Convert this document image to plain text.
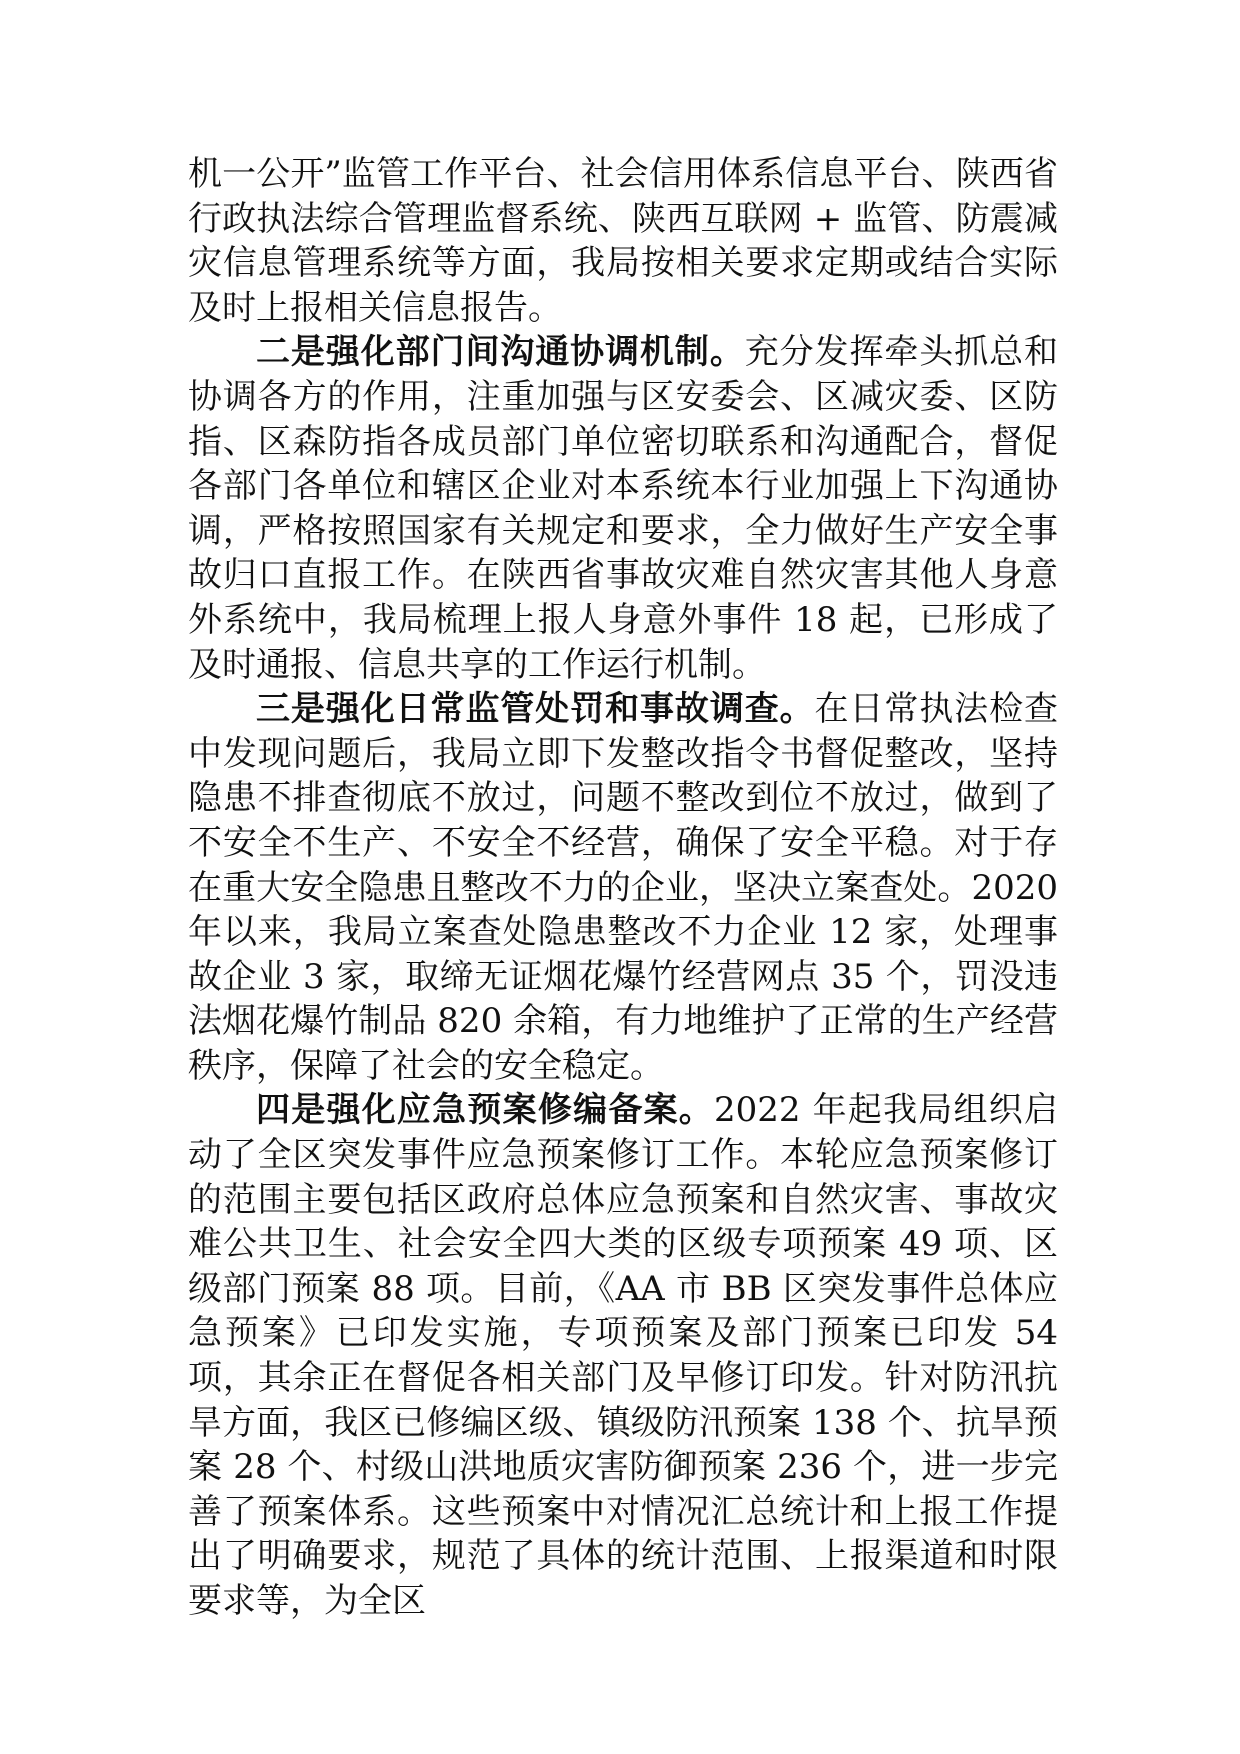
机一公开”监管工作平台、社会信用体系信息平台、陕西省行政执法综合管理监督系统、陕西互联网 + 监管、防震减灾信息管理系统等方面，我局按相关要求定期或结合实际及时上报相关信息报告。

二是强化部门间沟通协调机制。充分发挥牵头抓总和协调各方的作用，注重加强与区安委会、区减灾委、区防指、区森防指各成员部门单位密切联系和沟通配合，督促各部门各单位和辖区企业对本系统本行业加强上下沟通协调，严格按照国家有关规定和要求，全力做好生产安全事故归口直报工作。在陕西省事故灾难自然灾害其他人身意外系统中，我局梳理上报人身意外事件 18 起，已形成了及时通报、信息共享的工作运行机制。

三是强化日常监管处罚和事故调查。在日常执法检查中发现问题后，我局立即下发整改指令书督促整改，坚持隐患不排查彻底不放过，问题不整改到位不放过，做到了不安全不生产、不安全不经营，确保了安全平稳。对于存在重大安全隐患且整改不力的企业，坚决立案查处。2020 年以来，我局立案查处隐患整改不力企业 12 家，处理事故企业 3 家，取缔无证烟花爆竹经营网点 35 个，罚没违法烟花爆竹制品 820 余箱，有力地维护了正常的生产经营秩序，保障了社会的安全稳定。

四是强化应急预案修编备案。2022 年起我局组织启动了全区突发事件应急预案修订工作。本轮应急预案修订的范围主要包括区政府总体应急预案和自然灾害、事故灾难公共卫生、社会安全四大类的区级专项预案 49 项、区级部门预案 88 项。目前，《AA 市 BB 区突发事件总体应急预案》已印发实施，专项预案及部门预案已印发 54 项，其余正在督促各相关部门及早修订印发。针对防汛抗旱方面，我区已修编区级、镇级防汛预案 138 个、抗旱预案 28 个、村级山洪地质灾害防御预案 236 个，进一步完善了预案体系。这些预案中对情况汇总统计和上报工作提出了明确要求，规范了具体的统计范围、上报渠道和时限要求等，为全区
